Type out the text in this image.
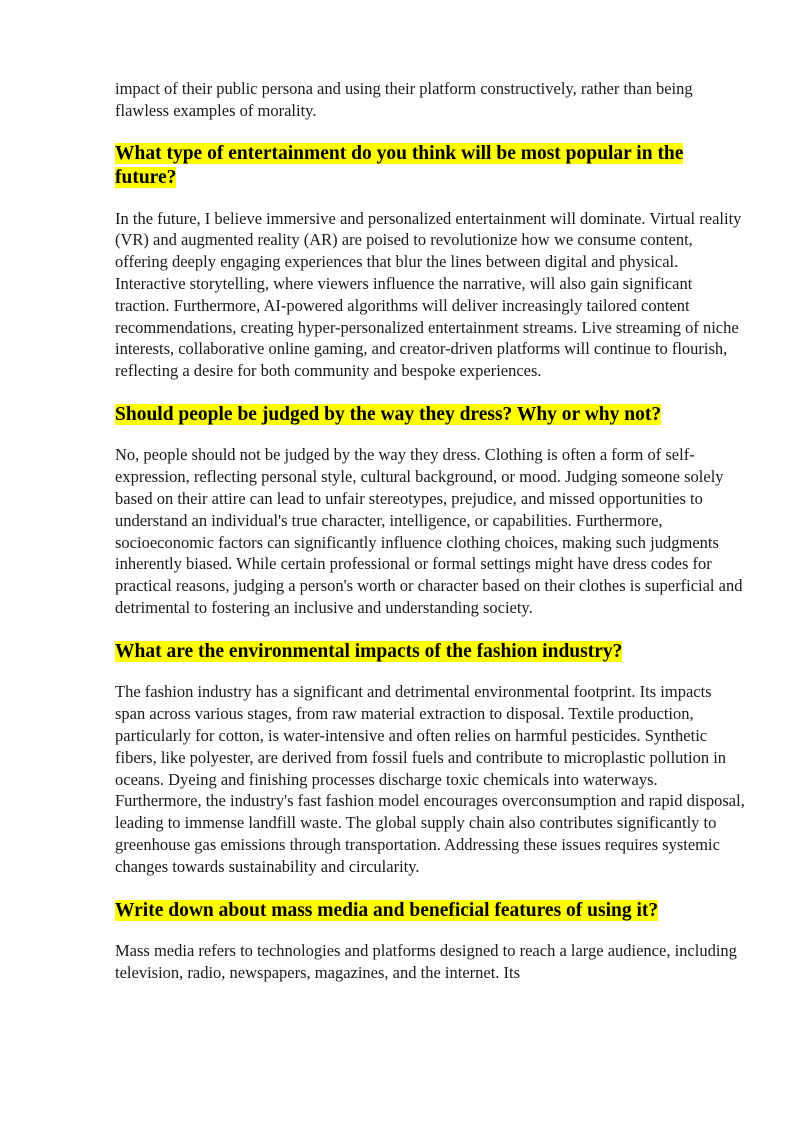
impact of their public persona and using their platform constructively, rather than being flawless examples of morality.

What type of entertainment do you think will be most popular in the future?

In the future, I believe immersive and personalized entertainment will dominate. Virtual reality (VR) and augmented reality (AR) are poised to revolutionize how we consume content, offering deeply engaging experiences that blur the lines between digital and physical. Interactive storytelling, where viewers influence the narrative, will also gain significant traction. Furthermore, AI-powered algorithms will deliver increasingly tailored content recommendations, creating hyper-personalized entertainment streams. Live streaming of niche interests, collaborative online gaming, and creator-driven platforms will continue to flourish, reflecting a desire for both community and bespoke experiences.

Should people be judged by the way they dress? Why or why not?

No, people should not be judged by the way they dress. Clothing is often a form of self-expression, reflecting personal style, cultural background, or mood. Judging someone solely based on their attire can lead to unfair stereotypes, prejudice, and missed opportunities to understand an individual's true character, intelligence, or capabilities. Furthermore, socioeconomic factors can significantly influence clothing choices, making such judgments inherently biased. While certain professional or formal settings might have dress codes for practical reasons, judging a person's worth or character based on their clothes is superficial and detrimental to fostering an inclusive and understanding society.

What are the environmental impacts of the fashion industry?

The fashion industry has a significant and detrimental environmental footprint. Its impacts span across various stages, from raw material extraction to disposal. Textile production, particularly for cotton, is water-intensive and often relies on harmful pesticides. Synthetic fibers, like polyester, are derived from fossil fuels and contribute to microplastic pollution in oceans. Dyeing and finishing processes discharge toxic chemicals into waterways. Furthermore, the industry's fast fashion model encourages overconsumption and rapid disposal, leading to immense landfill waste. The global supply chain also contributes significantly to greenhouse gas emissions through transportation. Addressing these issues requires systemic changes towards sustainability and circularity.

Write down about mass media and beneficial features of using it?

Mass media refers to technologies and platforms designed to reach a large audience, including television, radio, newspapers, magazines, and the internet. Its
